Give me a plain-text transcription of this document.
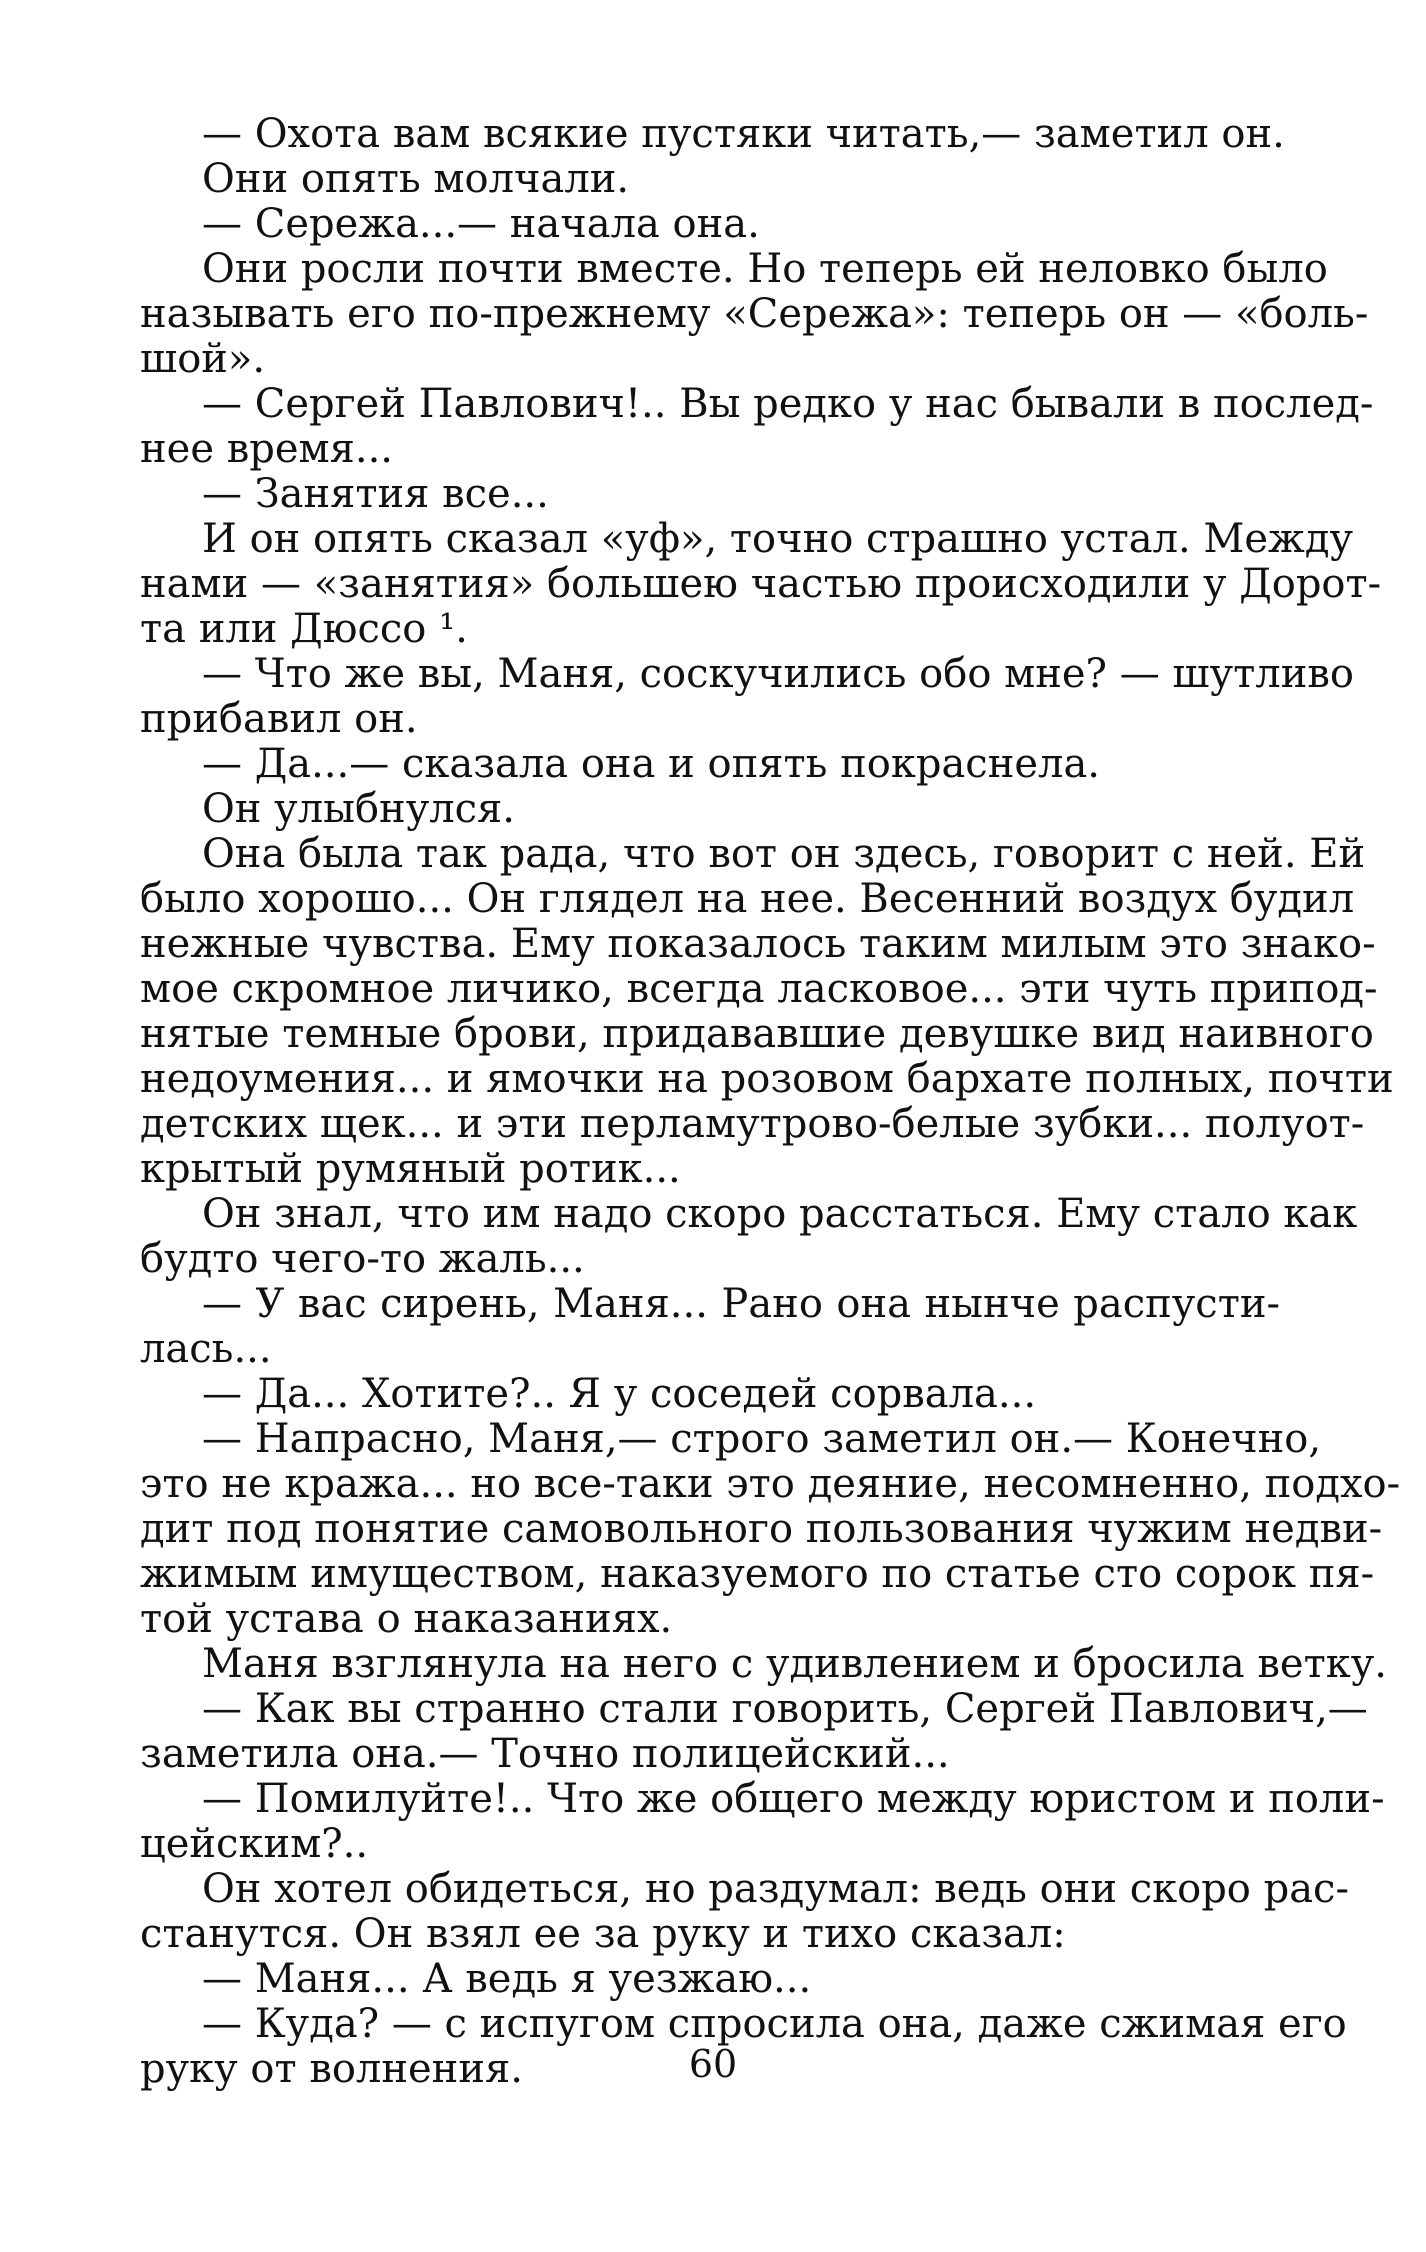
— Охота вам всякие пустяки читать,— заметил он.

Они опять молчали.

— Сережа...— начала она.

Они росли почти вместе. Но теперь ей неловко было
называть его по-прежнему «Сережа»: теперь он — «боль-
шой».

— Сергей Павлович!.. Вы редко у нас бывали в послед-
нее время...

— Занятия все...

И он опять сказал «уф», точно страшно устал. Между
нами — «занятия» большею частью происходили у Дорот-
та или Дюссо ¹.

— Что же вы, Маня, соскучились обо мне? — шутливо
прибавил он.

— Да...— сказала она и опять покраснела.

Он улыбнулся.

Она была так рада, что вот он здесь, говорит с ней. Ей
было хорошо... Он глядел на нее. Весенний воздух будил
нежные чувства. Ему показалось таким милым это знако-
мое скромное личико, всегда ласковое... эти чуть припод-
нятые темные брови, придававшие девушке вид наивного
недоумения... и ямочки на розовом бархате полных, почти
детских щек... и эти перламутрово-белые зубки... полуот-
крытый румяный ротик...

Он знал, что им надо скоро расстаться. Ему стало как
будто чего-то жаль...

— У вас сирень, Маня... Рано она нынче распусти-
лась...

— Да... Хотите?.. Я у соседей сорвала...

— Напрасно, Маня,— строго заметил он.— Конечно,
это не кража... но все-таки это деяние, несомненно, подхо-
дит под понятие самовольного пользования чужим недви-
жимым имуществом, наказуемого по статье сто сорок пя-
той устава о наказаниях.

Маня взглянула на него с удивлением и бросила ветку.

— Как вы странно стали говорить, Сергей Павлович,—
заметила она.— Точно полицейский...

— Помилуйте!.. Что же общего между юристом и поли-
цейским?..

Он хотел обидеться, но раздумал: ведь они скоро рас-
станутся. Он взял ее за руку и тихо сказал:

— Маня... А ведь я уезжаю...

— Куда? — с испугом спросила она, даже сжимая его
руку от волнения.	60
